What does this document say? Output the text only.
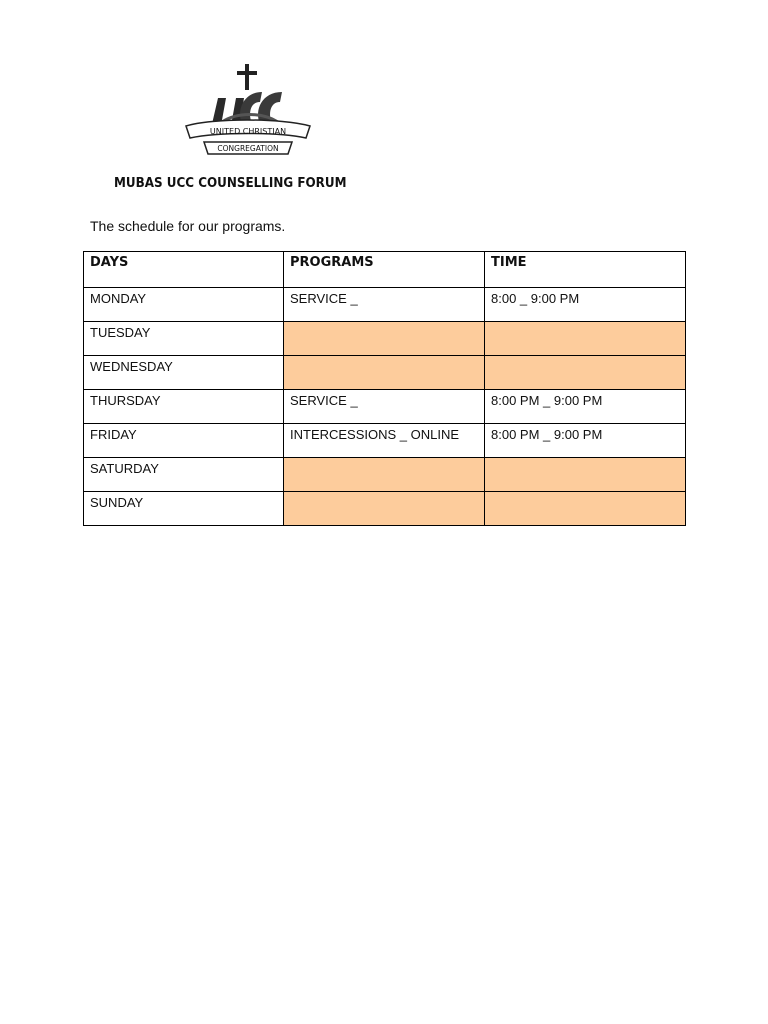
UNITED CHRISTIAN
CONGREGATION
MUBAS UCC COUNSELLING FORUM
The schedule for our programs.
DAYS	PROGRAMS	TIME
MONDAY	SERVICE _	8:00 _ 9:00 PM
TUESDAY		
WEDNESDAY		
THURSDAY	SERVICE _	8:00 PM _ 9:00 PM
FRIDAY	INTERCESSIONS _ ONLINE	8:00 PM _ 9:00 PM
SATURDAY		
SUNDAY		
